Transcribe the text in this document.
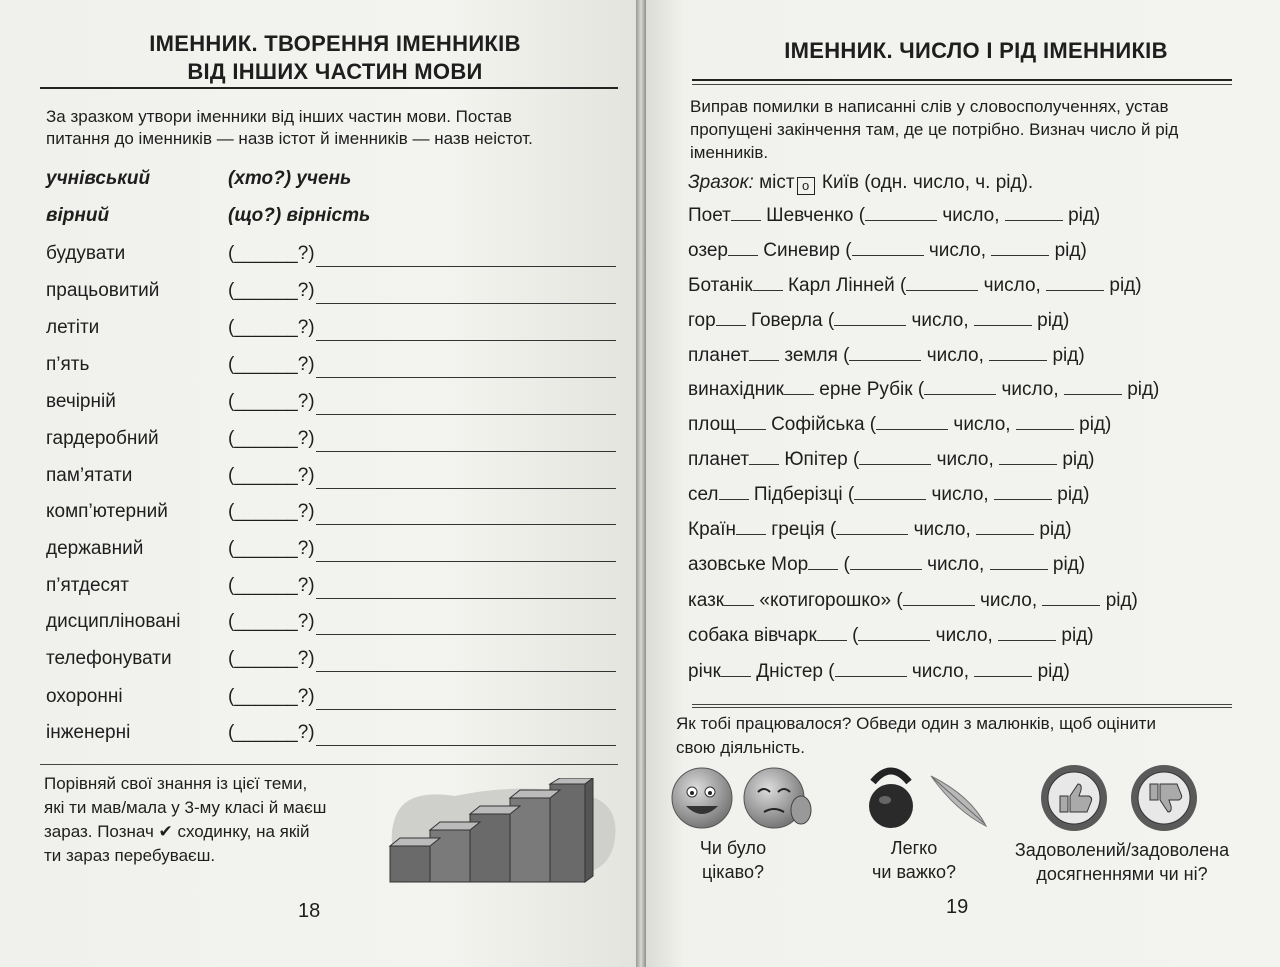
ІМЕННИК. ТВОРЕННЯ ІМЕННИКІВ
ВІД ІНШИХ ЧАСТИН МОВИ
За зразком утвори іменники від інших частин мови. Постав
питання до іменників — назв істот й іменників — назв неістот.
учнівський	(хто?) учень
вірний	(що?) вірність
будувати	(______?)
працьовитий	(______?)
летіти	(______?)
п’ять	(______?)
вечірній	(______?)
гардеробний	(______?)
пам’ятати	(______?)
комп’ютерний	(______?)
державний	(______?)
п’ятдесят	(______?)
дисципліновані (______?)
телефонувати	(______?)
охоронні	(______?)
інженерні	(______?)
Порівняй свої знання із цієї теми,
які ти мав/мала у 3-му класі й маєш
зараз. Познач ✔ сходинку, на якій
ти зараз перебуваєш.
18
ІМЕННИК. ЧИСЛО І РІД ІМЕННИКІВ
Виправ помилки в написанні слів у словосполученнях, устав
пропущені закінчення там, де це потрібно. Визнач число й рід
іменників.
Зразок: міст о Київ (одн. число, ч. рід).
Поет Шевченко (	число,	рід)
озер Синевир (	число,	рід)
Ботанік Карл Лінней (	число,	рід)
гор Говерла (	число,	рід)
планет земля (	число,	рід)
винахідник ерне Рубік (	число,	рід)
площ Софійська (	число,	рід)
планет Юпітер (	число,	рід)
сел Підберізці (	число,	рід)
Країн греція (	число,	рід)
азовське Мор (	число,	рід)
казк «котигорошко» (	число,	рід)
собака вівчарк (	число,	рід)
річк Дністер (	число,	рід)
Як тобі працювалося? Обведи один з малюнків, щоб оцінити
свою діяльність.
Чи було
цікаво?
Легко
чи важко?
Задоволений/задоволена
досягненнями чи ні?
19
